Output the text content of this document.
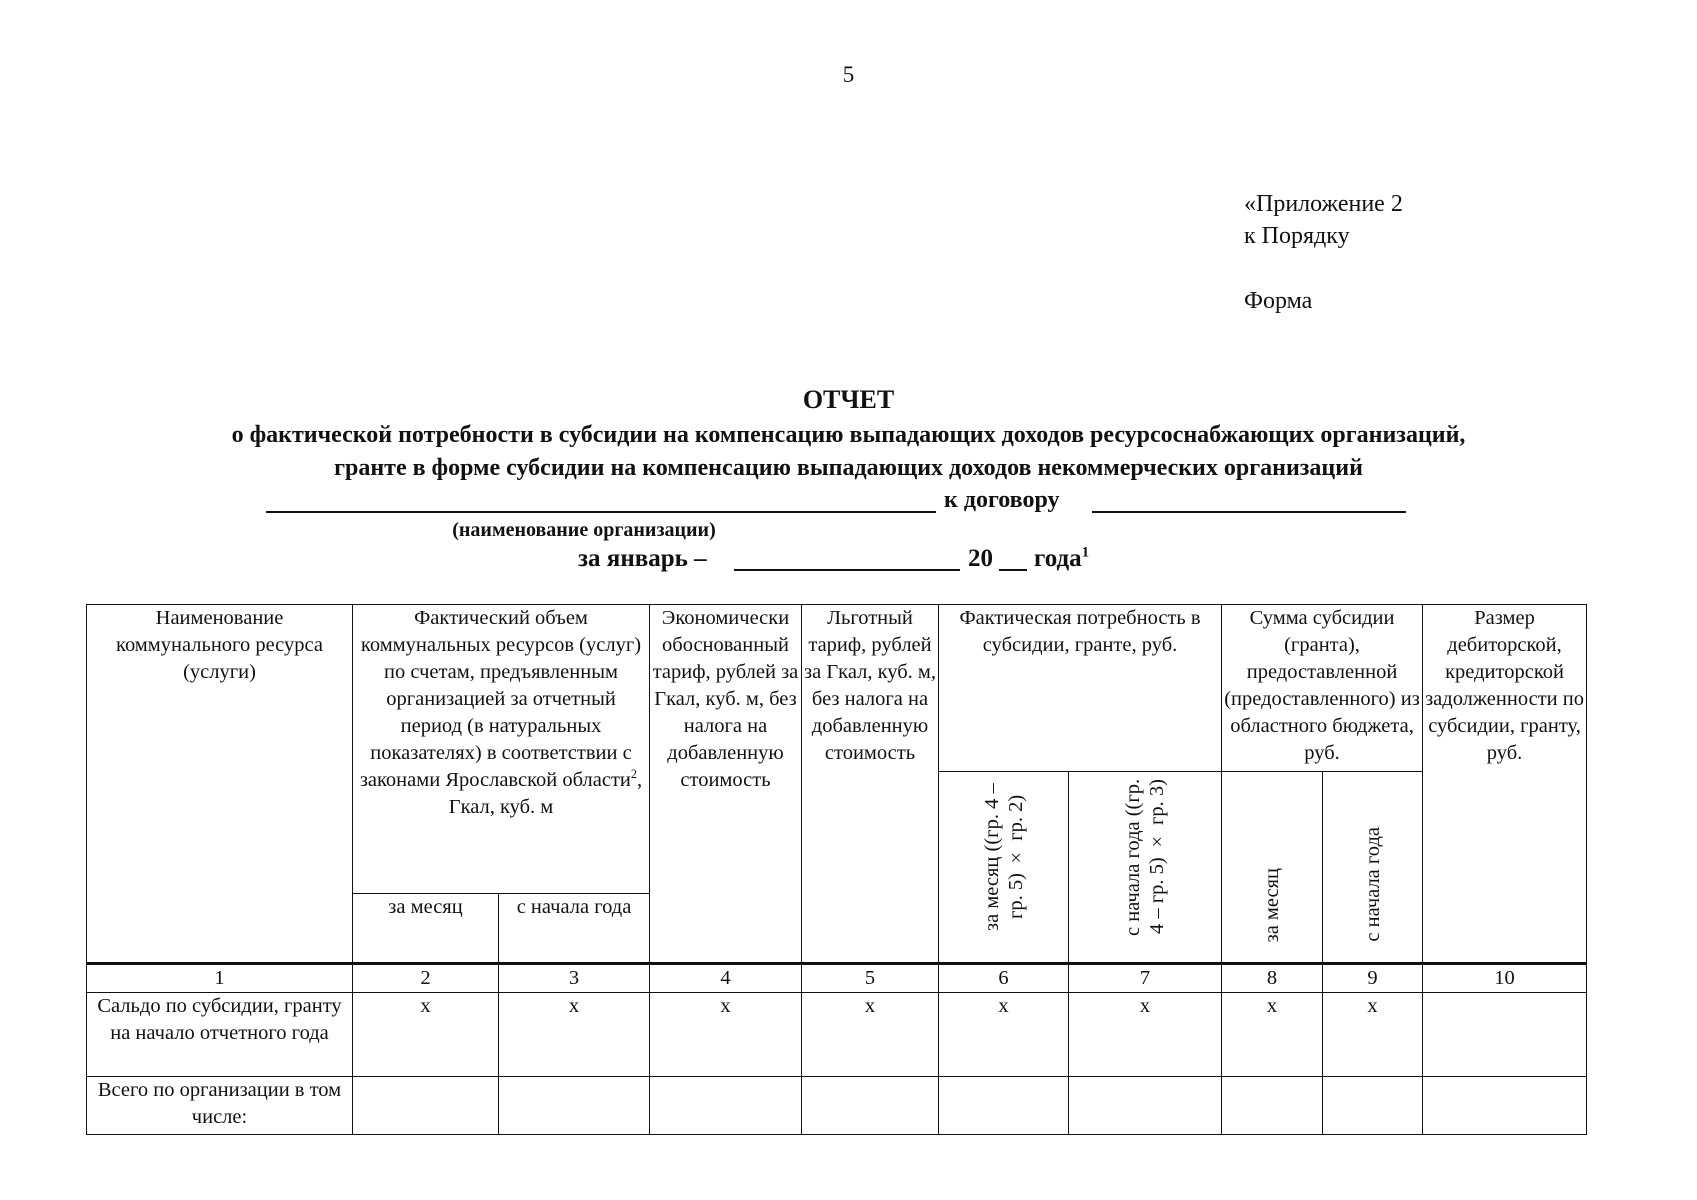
5
«Приложение 2
к Порядку
Форма
ОТЧЕТ
о фактической потребности в субсидии на компенсацию выпадающих доходов ресурсоснабжающих организаций,
гранте в форме субсидии на компенсацию выпадающих доходов некоммерческих организаций
к договору
(наименование организации)
за январь –	20 года$^1$
Наименование коммунального ресурса (услуги)	Фактический объем коммунальных ресурсов (услуг) по счетам, предъявленным организацией за отчетный период (в натуральных показателях) в соответствии с законами Ярославской области$^2$, Гкал, куб. м		Экономически обоснованный тариф, рублей за Гкал, куб. м, без налога на добавленную стоимость	Льготный тариф, рублей за Гкал, куб. м, без налога на добавленную стоимость	Фактическая потребность в субсидии, гранте, руб.		Сумма субсидии (гранта), предоставленной (предоставленного) из областного бюджета, руб.		Размер дебиторской, кредиторской задолженности по субсидии, гранту, руб.
					за месяц ((гр. 4 – гр. 5) × гр. 2)	с начала года ((гр. 4 – гр. 5) × гр. 3)	за месяц	с начала года	
	за месяц	с начала года							
1	2	3	4	5	6	7	8	9	10
Сальдо по субсидии, гранту на начало отчетного года	х	х	х	х	х	х	х	х	
Всего по организации в том числе:									
